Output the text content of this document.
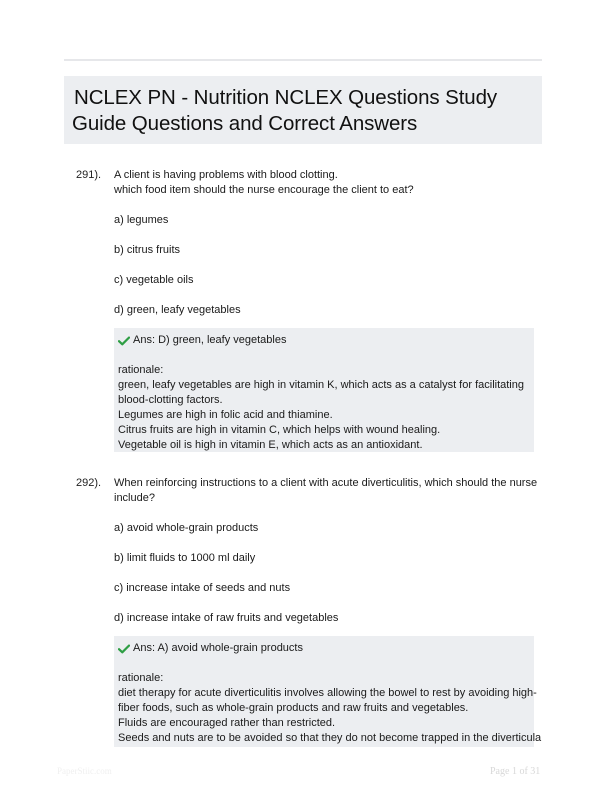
NCLEX PN - Nutrition NCLEX Questions Study
Guide Questions and Correct Answers
291). A client is having problems with blood clotting.
which food item should the nurse encourage the client to eat?
a) legumes
b) citrus fruits
c) vegetable oils
d) green, leafy vegetables
Ans: D) green, leafy vegetables
rationale:
green, leafy vegetables are high in vitamin K, which acts as a catalyst for facilitating
blood-clotting factors.
Legumes are high in folic acid and thiamine.
Citrus fruits are high in vitamin C, which helps with wound healing.
Vegetable oil is high in vitamin E, which acts as an antioxidant.
292). When reinforcing instructions to a client with acute diverticulitis, which should the nurse
include?
a) avoid whole-grain products
b) limit fluids to 1000 ml daily
c) increase intake of seeds and nuts
d) increase intake of raw fruits and vegetables
Ans: A) avoid whole-grain products
rationale:
diet therapy for acute diverticulitis involves allowing the bowel to rest by avoiding high-
fiber foods, such as whole-grain products and raw fruits and vegetables.
Fluids are encouraged rather than restricted.
Seeds and nuts are to be avoided so that they do not become trapped in the diverticula
PaperStiic.com	Page 1 of 31
